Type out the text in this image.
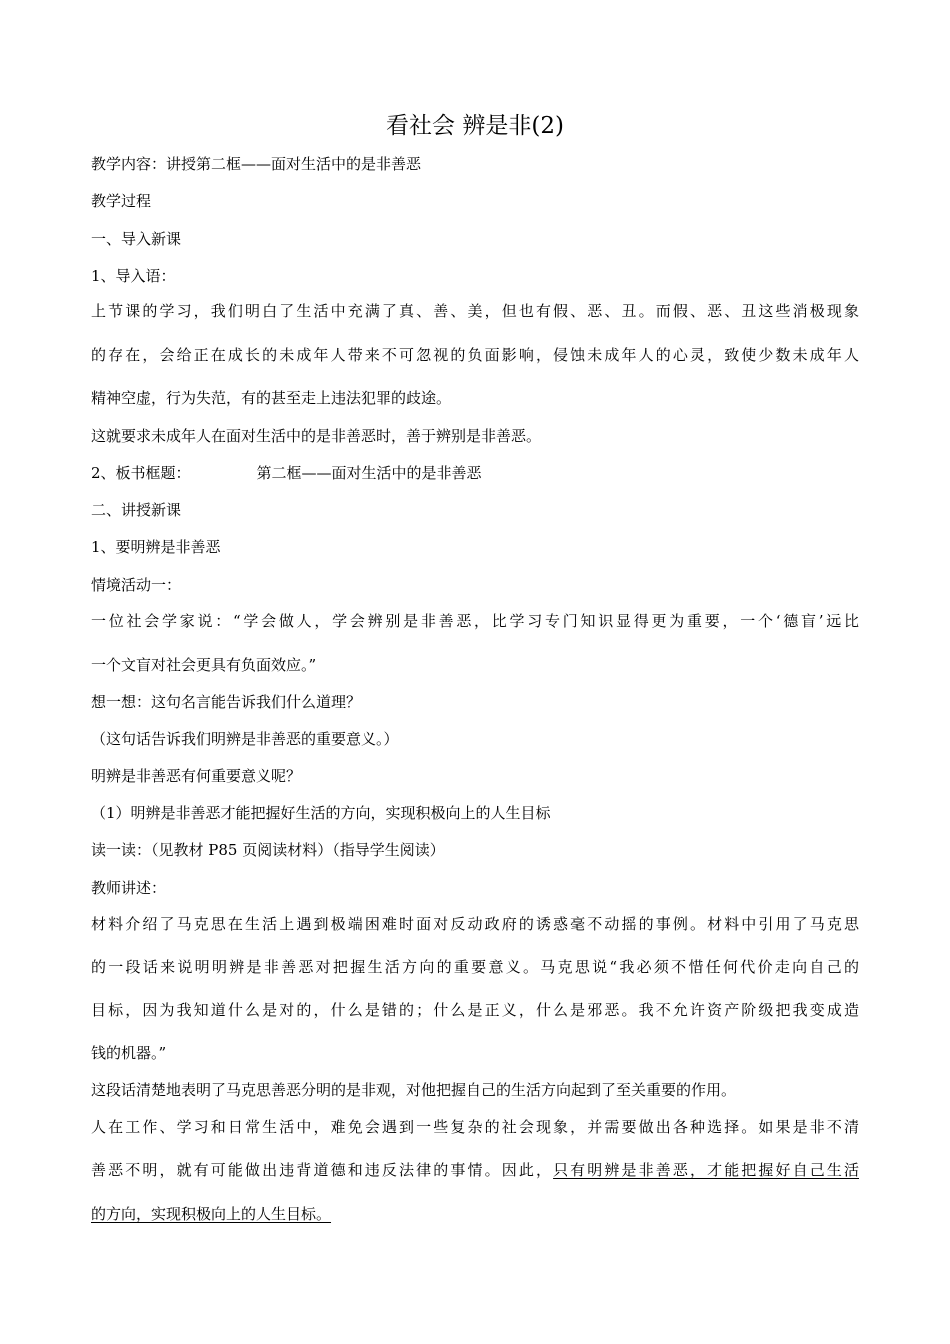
看社会 辨是非(2)
教学内容：讲授第二框——面对生活中的是非善恶
教学过程
一、导入新课
1、导入语：
上节课的学习，我们明白了生活中充满了真、善、美，但也有假、恶、丑。而假、恶、丑这些消极现象
的存在，会给正在成长的未成年人带来不可忽视的负面影响，侵蚀未成年人的心灵，致使少数未成年人
精神空虚，行为失范，有的甚至走上违法犯罪的歧途。
这就要求未成年人在面对生活中的是非善恶时，善于辨别是非善恶。
2、板书框题：	第二框——面对生活中的是非善恶
二、讲授新课
1、要明辨是非善恶
情境活动一：
一位社会学家说：“学会做人，学会辨别是非善恶，比学习专门知识显得更为重要，一个‘德盲’远比
一个文盲对社会更具有负面效应。”
想一想：这句名言能告诉我们什么道理？
（这句话告诉我们明辨是非善恶的重要意义。）
明辨是非善恶有何重要意义呢？
（1）明辨是非善恶才能把握好生活的方向，实现积极向上的人生目标
读一读：（见教材 P85 页阅读材料）（指导学生阅读）
教师讲述：
材料介绍了马克思在生活上遇到极端困难时面对反动政府的诱惑毫不动摇的事例。材料中引用了马克思
的一段话来说明明辨是非善恶对把握生活方向的重要意义。马克思说“我必须不惜任何代价走向自己的
目标，因为我知道什么是对的，什么是错的；什么是正义，什么是邪恶。我不允许资产阶级把我变成造
钱的机器。”
这段话清楚地表明了马克思善恶分明的是非观，对他把握自己的生活方向起到了至关重要的作用。
人在工作、学习和日常生活中，难免会遇到一些复杂的社会现象，并需要做出各种选择。如果是非不清
善恶不明，就有可能做出违背道德和违反法律的事情。因此，只有明辨是非善恶，才能把握好自己生活
的方向，实现积极向上的人生目标。
